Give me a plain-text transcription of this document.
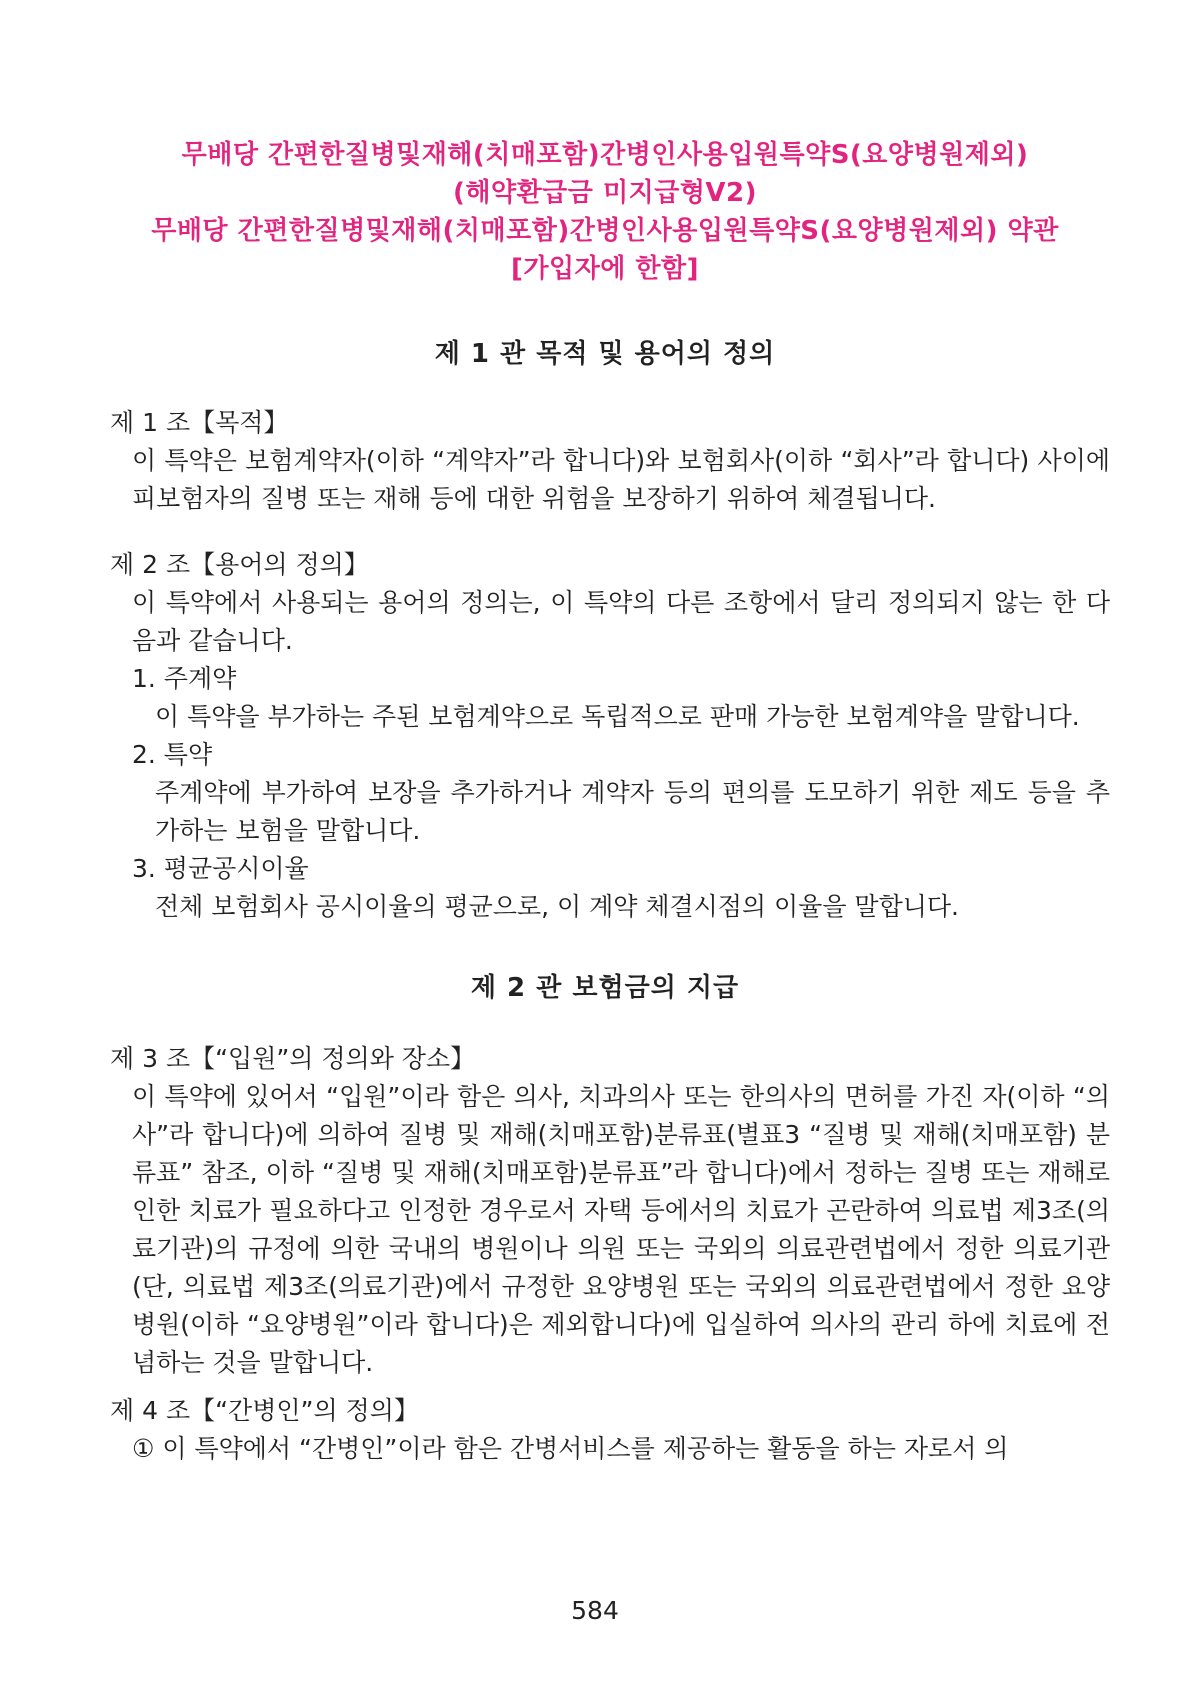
무배당 간편한질병및재해(치매포함)간병인사용입원특약S(요양병원제외)
(해약환급금 미지급형V2)
무배당 간편한질병및재해(치매포함)간병인사용입원특약S(요양병원제외) 약관
[가입자에 한함]
제 1 관 목적 및 용어의 정의
제 1 조【목적】
이 특약은 보험계약자(이하 “계약자”라 합니다)와 보험회사(이하 “회사”라 합니다) 사이에 피보험자의 질병 또는 재해 등에 대한 위험을 보장하기 위하여 체결됩니다.
제 2 조【용어의 정의】
이 특약에서 사용되는 용어의 정의는, 이 특약의 다른 조항에서 달리 정의되지 않는 한 다음과 같습니다.
1. 주계약
이 특약을 부가하는 주된 보험계약으로 독립적으로 판매 가능한 보험계약을 말합니다.
2. 특약
주계약에 부가하여 보장을 추가하거나 계약자 등의 편의를 도모하기 위한 제도 등을 추가하는 보험을 말합니다.
3. 평균공시이율
전체 보험회사 공시이율의 평균으로, 이 계약 체결시점의 이율을 말합니다.
제 2 관 보험금의 지급
제 3 조【“입원”의 정의와 장소】
이 특약에 있어서 “입원”이라 함은 의사, 치과의사 또는 한의사의 면허를 가진 자(이하 “의사”라 합니다)에 의하여 질병 및 재해(치매포함)분류표(별표3 “질병 및 재해(치매포함) 분류표” 참조, 이하 “질병 및 재해(치매포함)분류표”라 합니다)에서 정하는 질병 또는 재해로 인한 치료가 필요하다고 인정한 경우로서 자택 등에서의 치료가 곤란하여 의료법 제3조(의료기관)의 규정에 의한 국내의 병원이나 의원 또는 국외의 의료관련법에서 정한 의료기관(단, 의료법 제3조(의료기관)에서 규정한 요양병원 또는 국외의 의료관련법에서 정한 요양병원(이하 “요양병원”이라 합니다)은 제외합니다)에 입실하여 의사의 관리 하에 치료에 전념하는 것을 말합니다.
제 4 조【“간병인”의 정의】
① 이 특약에서 “간병인”이라 함은 간병서비스를 제공하는 활동을 하는 자로서 의
584
